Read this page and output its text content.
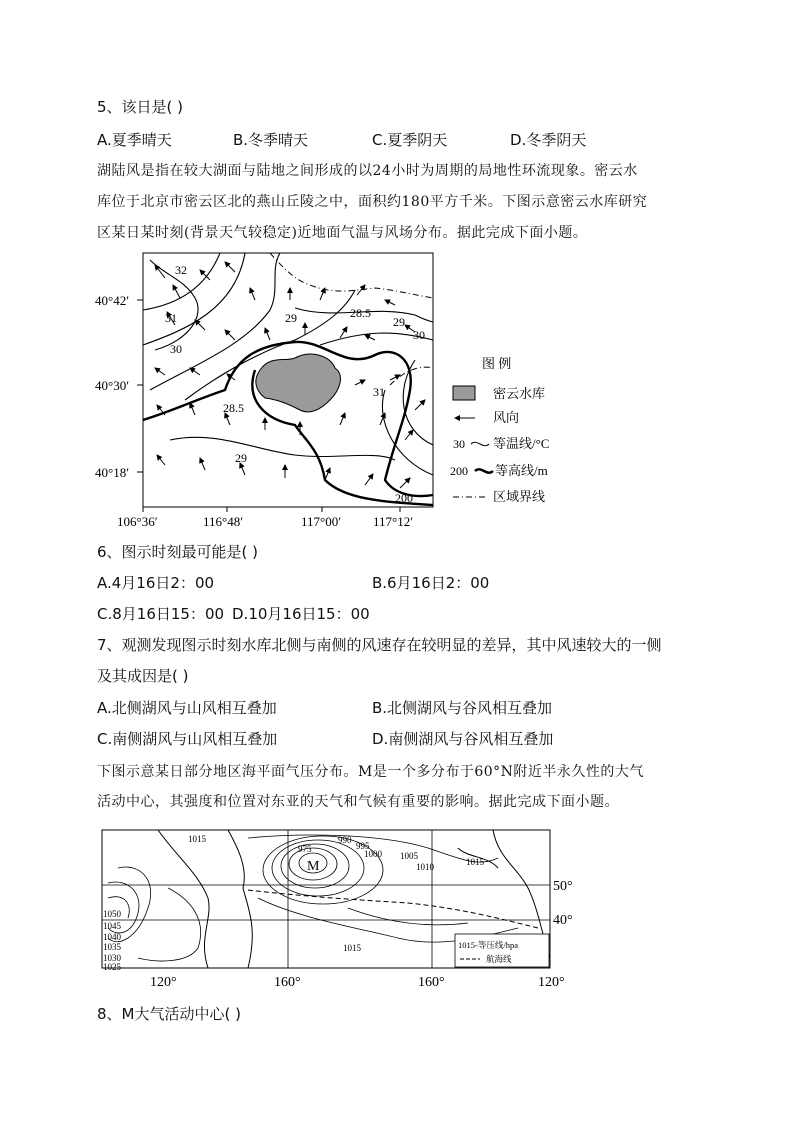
5、该日是( )
A.夏季晴天	B.冬季晴天	C.夏季阴天	D.冬季阴天
湖陆风是指在较大湖面与陆地之间形成的以24小时为周期的局地性环流现象。密云水
库位于北京市密云区北的燕山丘陵之中，面积约180平方千米。下图示意密云水库研究
区某日某时刻(背景天气较稳定)近地面气温与风场分布。据此完成下面小题。
32
31
30
29	28.5
28.5
29
29
30
31
200
40°42′
40°30′
40°18′
106°36′	116°48′	117°00′ 117°12′
图 例
密云水库
风向
30 等温线/°C
200 等高线/m
区域界线
6、图示时刻最可能是( )
A.4月16日2：00	B.6月16日2：00
C.8月16日15：00 D.10月16日15：00
7、观测发现图示时刻水库北侧与南侧的风速存在较明显的差异，其中风速较大的一侧
及其成因是( )
A.北侧湖风与山风相互叠加	B.北侧湖风与谷风相互叠加
C.南侧湖风与山风相互叠加	D.南侧湖风与谷风相互叠加
下图示意某日部分地区海平面气压分布。M是一个多分布于60°N附近半永久性的大气
活动中心，其强度和位置对东亚的天气和气候有重要的影响。据此完成下面小题。
1015
975
990
995
1000 1005
1010	1015
1050
1045
1040
1035
1030
1025
1015
M
1015-等压线/hpa
航海线
120°	160°	160°	120°
50°
40°
8、M大气活动中心( )
